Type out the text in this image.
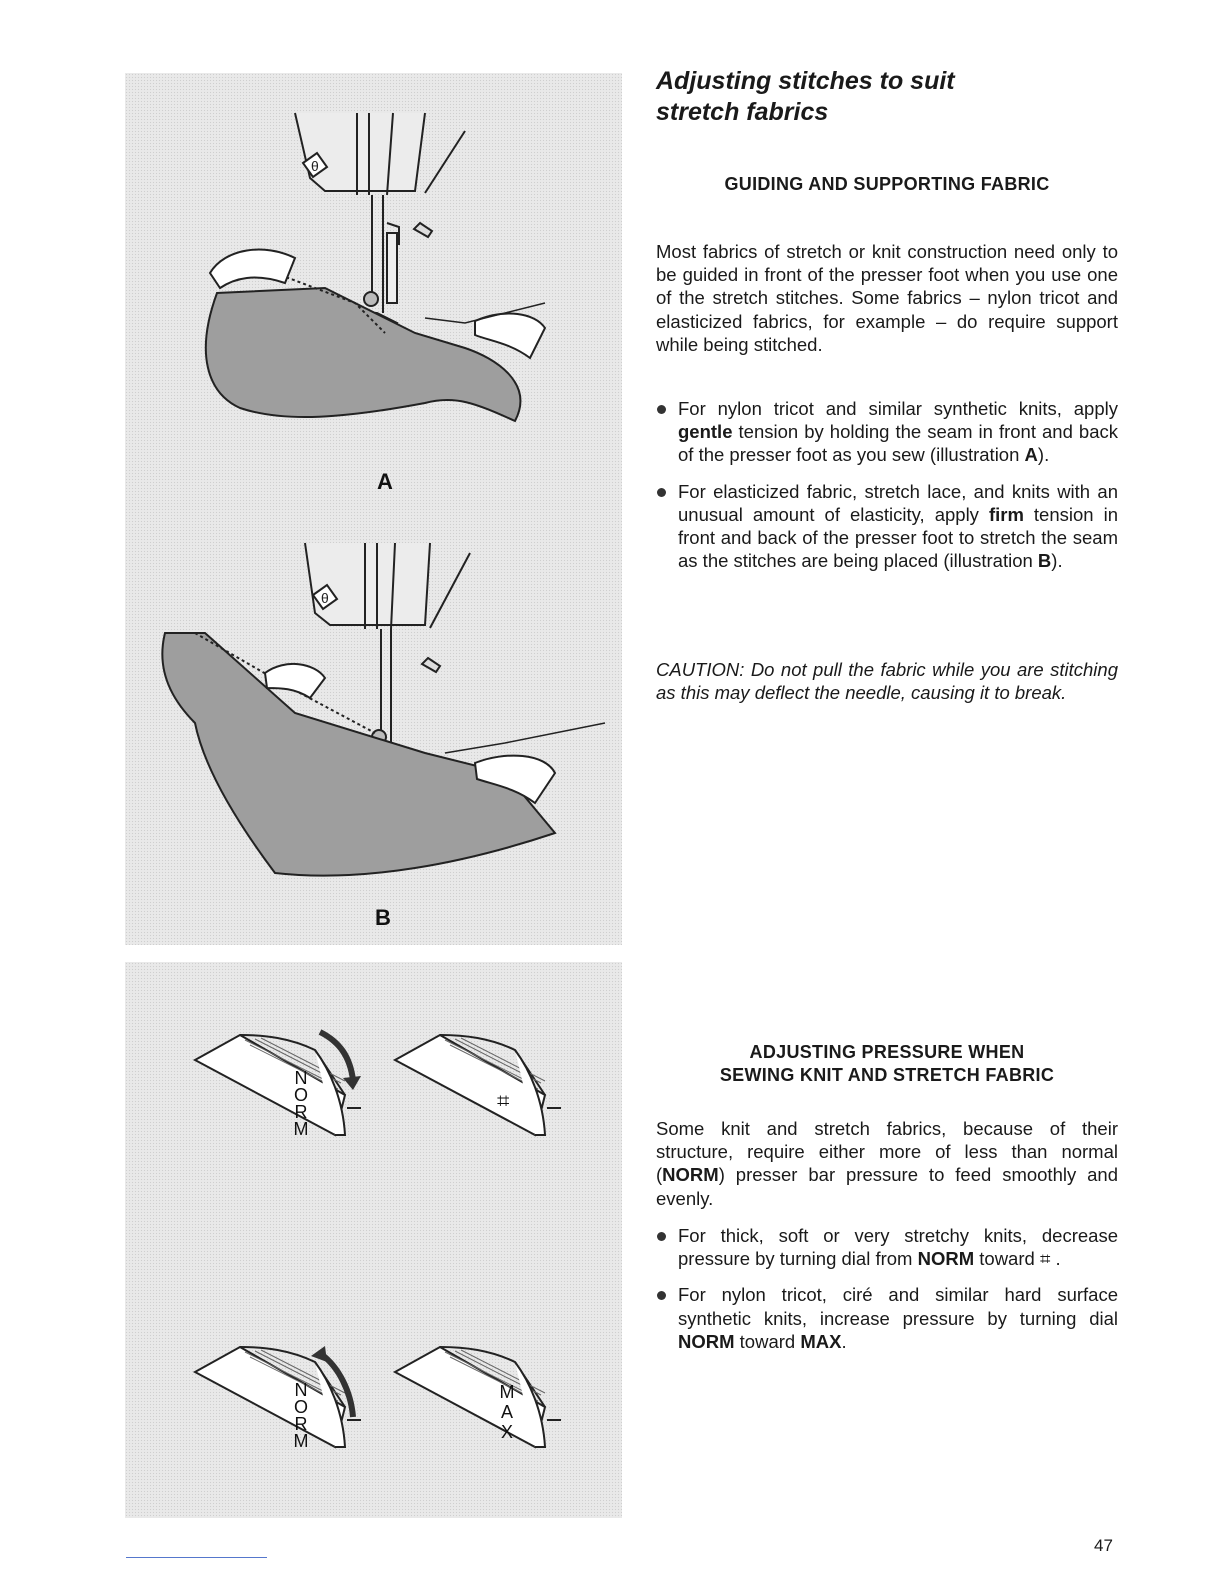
θ
θ
A
B
N
O
R
M
⌗
N
O
R
M
M
A
X
Adjusting stitches to suit
stretch fabrics
GUIDING AND SUPPORTING FABRIC

Most fabrics of stretch or knit construction need only to be guided in front of the presser foot when you use one of the stretch stitches. Some fabrics – nylon tricot and elasticized fabrics, for example – do require support while being stitched.

For nylon tricot and similar synthetic knits, apply gentle tension by holding the seam in front and back of the presser foot as you sew (illustration A).
For elasticized fabric, stretch lace, and knits with an unusual amount of elasticity, apply firm tension in front and back of the presser foot to stretch the seam as the stitches are being placed (illustration B).

CAUTION: Do not pull the fabric while you are stitching as this may deflect the needle, causing it to break.

ADJUSTING PRESSURE WHEN
SEWING KNIT AND STRETCH FABRIC

Some knit and stretch fabrics, because of their structure, require either more of less than normal (NORM) presser bar pressure to feed smoothly and evenly.

For thick, soft or very stretchy knits, decrease pressure by turning dial from NORM toward ⌗ .
For nylon tricot, ciré and similar hard surface synthetic knits, increase pressure by turning dial NORM toward MAX.
47
